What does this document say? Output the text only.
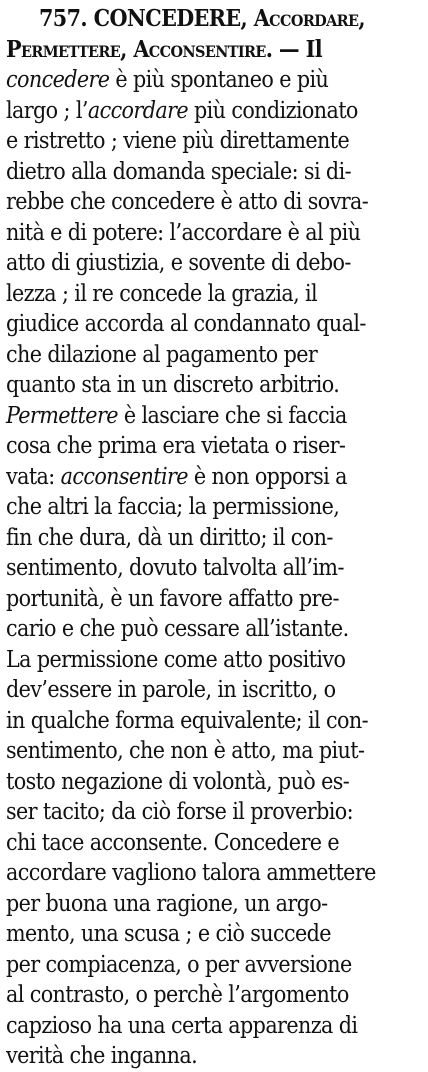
757. CONCEDERE, Accordare,
Permettere, Acconsentire. — Il
concedere è più spontaneo e più
largo ; l’accordare più condizionato
e ristretto ; viene più direttamente
dietro alla domanda speciale: si di-
rebbe che concedere è atto di sovra-
nità e di potere: l’accordare è al più
atto di giustizia, e sovente di debo-
lezza ; il re concede la grazia, il
giudice accorda al condannato qual-
che dilazione al pagamento per
quanto sta in un discreto arbitrio.
Permettere è lasciare che si faccia
cosa che prima era vietata o riser-
vata: acconsentire è non opporsi a
che altri la faccia; la permissione,
fin che dura, dà un diritto; il con-
sentimento, dovuto talvolta all’im-
portunità, è un favore affatto pre-
cario e che può cessare all’istante.
La permissione come atto positivo
dev’essere in parole, in iscritto, o
in qualche forma equivalente; il con-
sentimento, che non è atto, ma piut-
tosto negazione di volontà, può es-
ser tacito; da ciò forse il proverbio:
chi tace acconsente. Concedere e
accordare vagliono talora ammettere
per buona una ragione, un argo-
mento, una scusa ; e ciò succede
per compiacenza, o per avversione
al contrasto, o perchè l’argomento
capzioso ha una certa apparenza di
verità che inganna.
